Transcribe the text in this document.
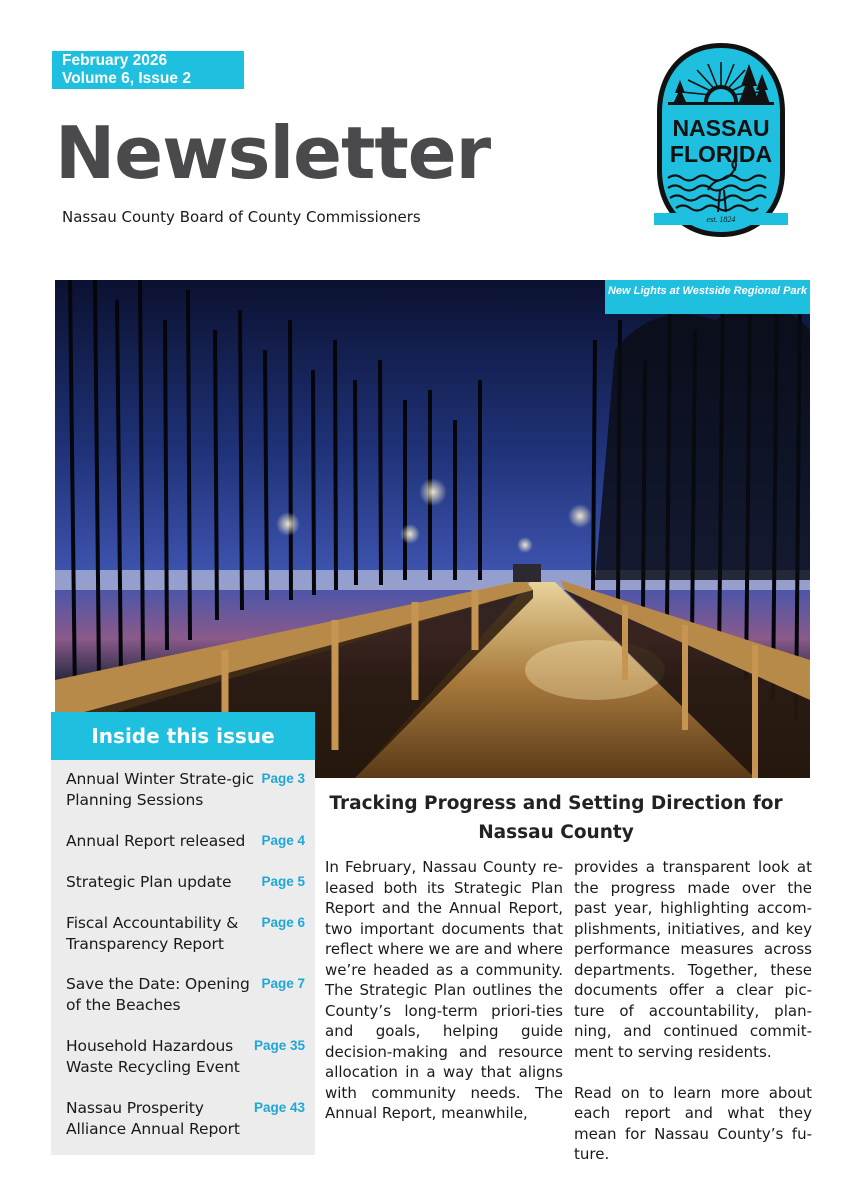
February 2026
Volume 6, Issue 2
Newsletter
Nassau County Board of County Commissioners
NASSAU
FLORIDA
est. 1824
New Lights at Westside Regional Park
Inside this issue
Annual Winter Strate-gic Planning Sessions
Page 3
Annual Report released	Page 4
Strategic Plan update	Page 5
Fiscal Accountability & Transparency Report
Page 6
Save the Date: Opening of the Beaches
Page 7
Household Hazardous Waste Recycling Event
Page 35
Nassau Prosperity Alliance Annual Report
Page 43
Tracking Progress and Setting Direction for Nassau County

In February, Nassau County re-leased both its Strategic Plan Report and the Annual Report, two important documents that reflect where we are and where we’re headed as a community. The Strategic Plan outlines the County’s long-term priori-ties and goals, helping guide decision-making and resource allocation in a way that aligns with community needs. The Annual Report, meanwhile,

provides a transparent look at the progress made over the past year, highlighting accom-plishments, initiatives, and key performance measures across departments. Together, these documents offer a clear pic-ture of accountability, plan-ning, and continued commit-ment to serving residents.

Read on to learn more about each report and what they mean for Nassau County’s fu-ture.
